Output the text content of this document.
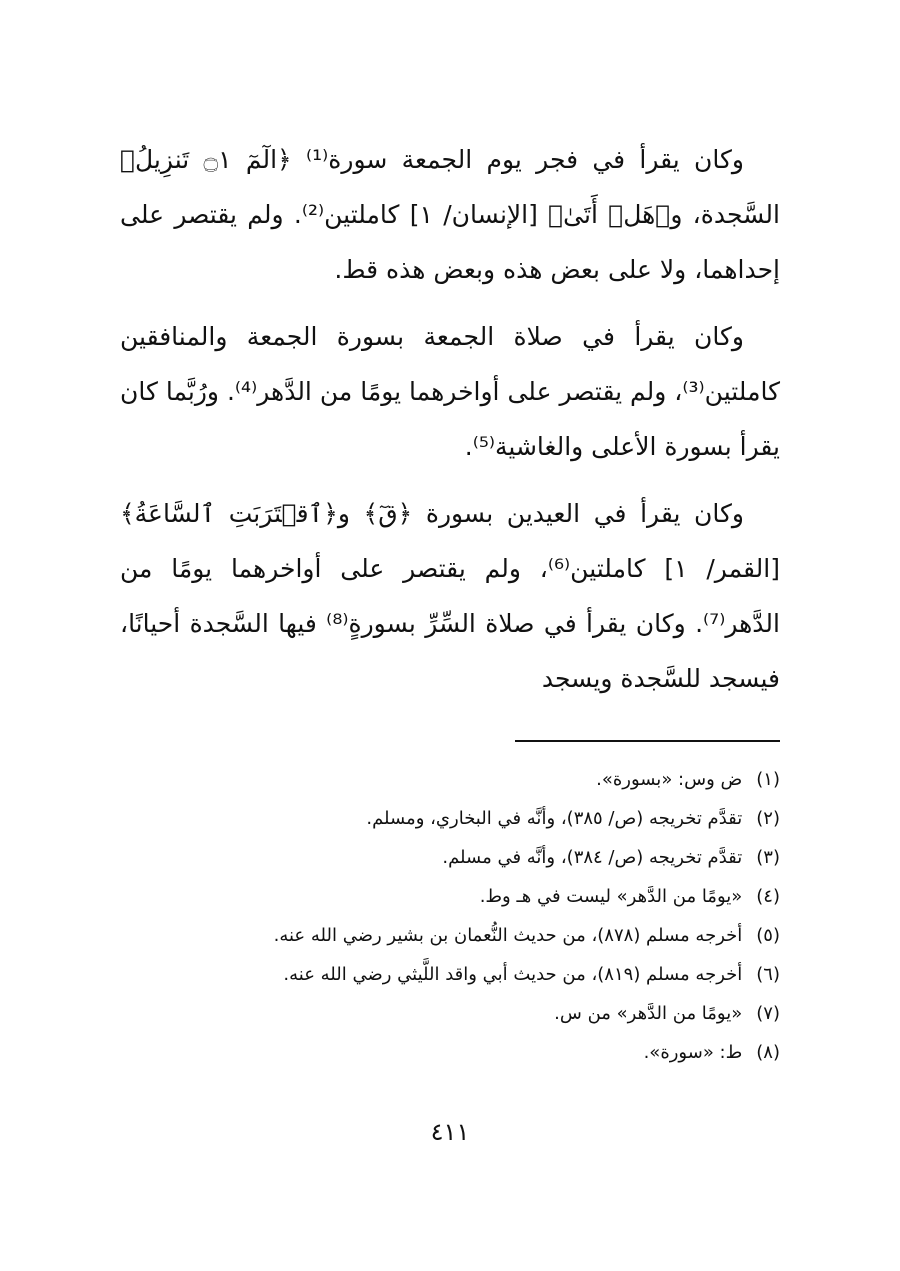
وكان يقرأ في فجر يوم الجمعة سورة⁽¹⁾ ﴿الٓمٓ ۝١ تَنزِيلُ﴾ السَّجدة، و﴿هَلۡ أَتَىٰ﴾ [الإنسان/ ١] كاملتين⁽²⁾. ولم يقتصر على إحداهما، ولا على بعض هذه وبعض هذه قط.

وكان يقرأ في صلاة الجمعة بسورة الجمعة والمنافقين كاملتين⁽³⁾، ولم يقتصر على أواخرهما يومًا من الدَّهر⁽⁴⁾. ورُبَّما كان يقرأ بسورة الأعلى والغاشية⁽⁵⁾.

وكان يقرأ في العيدين بسورة ﴿قٓ﴾ و﴿ٱقۡتَرَبَتِ ٱلسَّاعَةُ﴾ [القمر/ ١] كاملتين⁽⁶⁾، ولم يقتصر على أواخرهما يومًا من الدَّهر⁽⁷⁾. وكان يقرأ في صلاة السِّرِّ بسورةٍ⁽⁸⁾ فيها السَّجدة أحيانًا، فيسجد للسَّجدة ويسجد

(١)
ض وس: «بسورة».
(٢)
تقدَّم تخريجه (ص/ ٣٨٥)، وأنَّه في البخاري، ومسلم.
(٣)
تقدَّم تخريجه (ص/ ٣٨٤)، وأنَّه في مسلم.
(٤)
«يومًا من الدَّهر» ليست في هـ وط.
(٥)
أخرجه مسلم (٨٧٨)، من حديث النُّعمان بن بشير رضي الله عنه.
(٦)
أخرجه مسلم (٨١٩)، من حديث أبي واقد اللَّيثي رضي الله عنه.
(٧)
«يومًا من الدَّهر» من س.
(٨)
ط: «سورة».
٤١١
